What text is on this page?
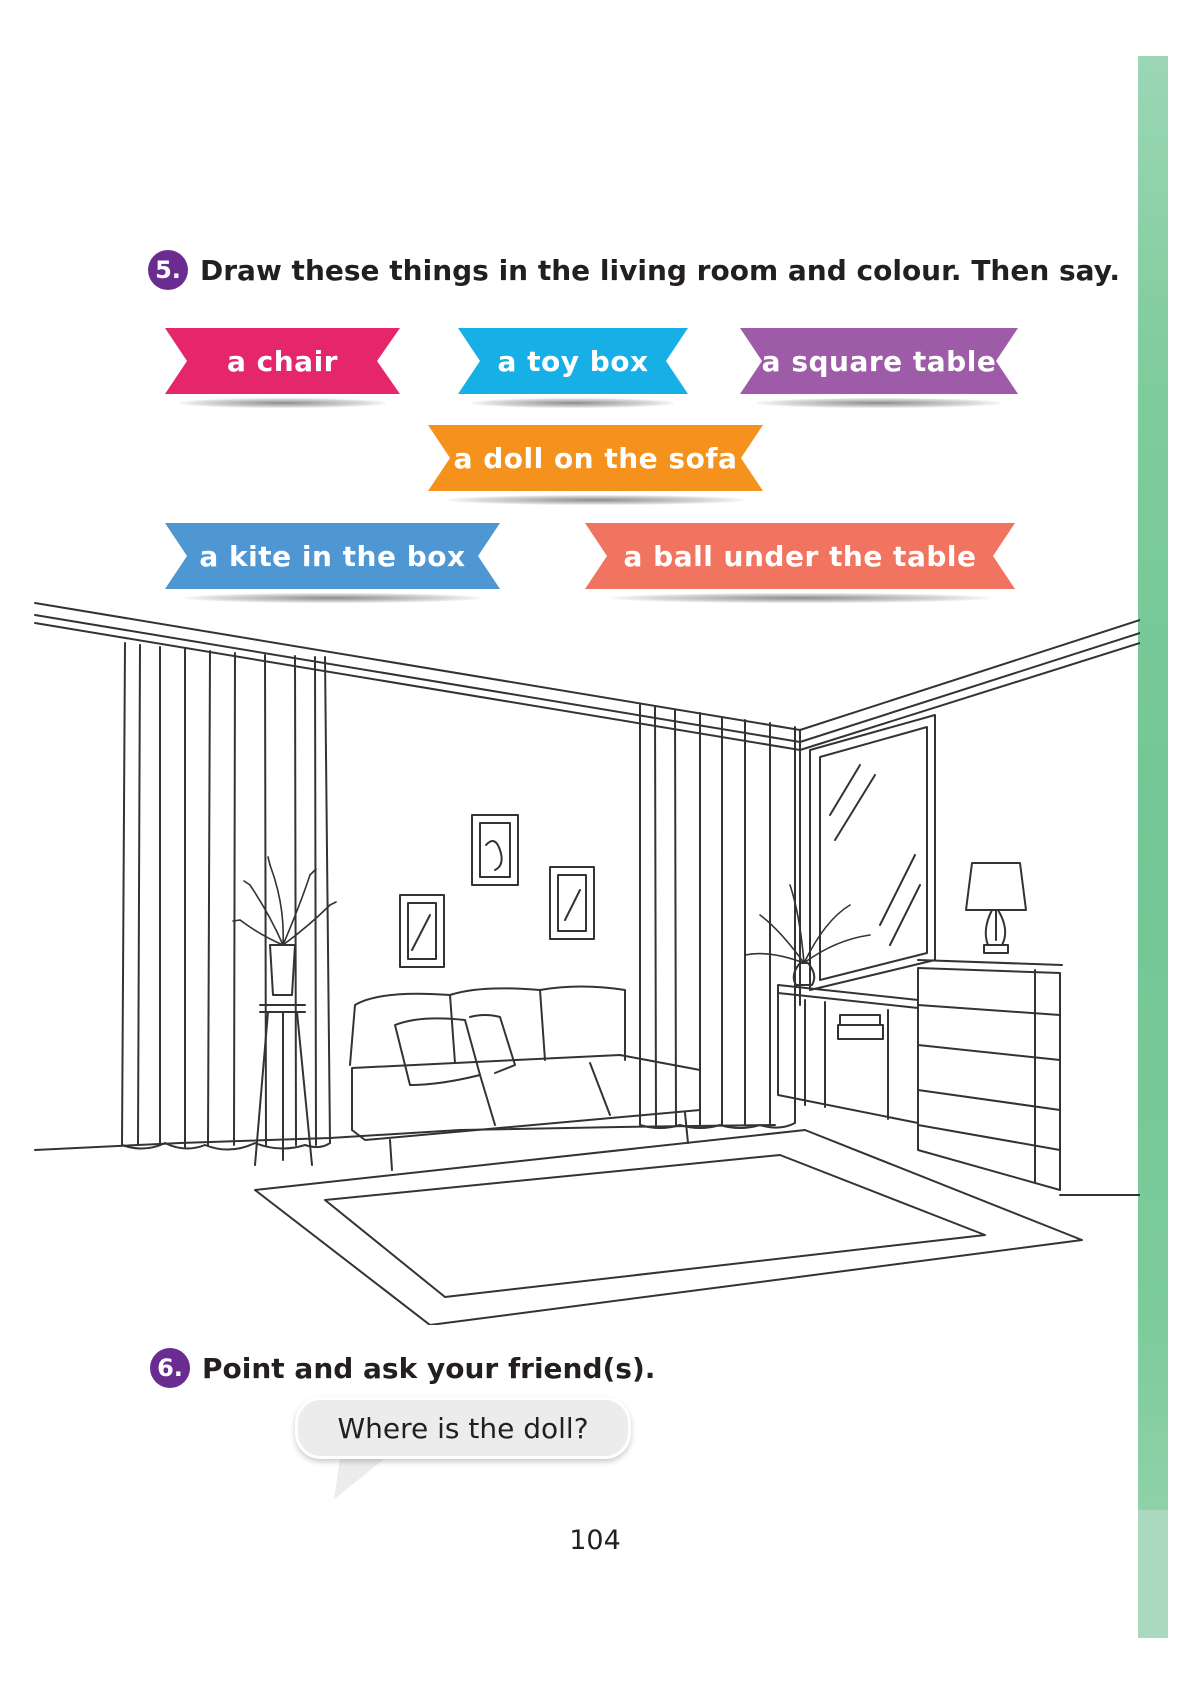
5. Draw these things in the living room and colour. Then say.
a chair	a toy box	a square table
a doll on the sofa
a kite in the box	a ball under the table
6. Point and ask your friend(s).
Where is the doll?
104
